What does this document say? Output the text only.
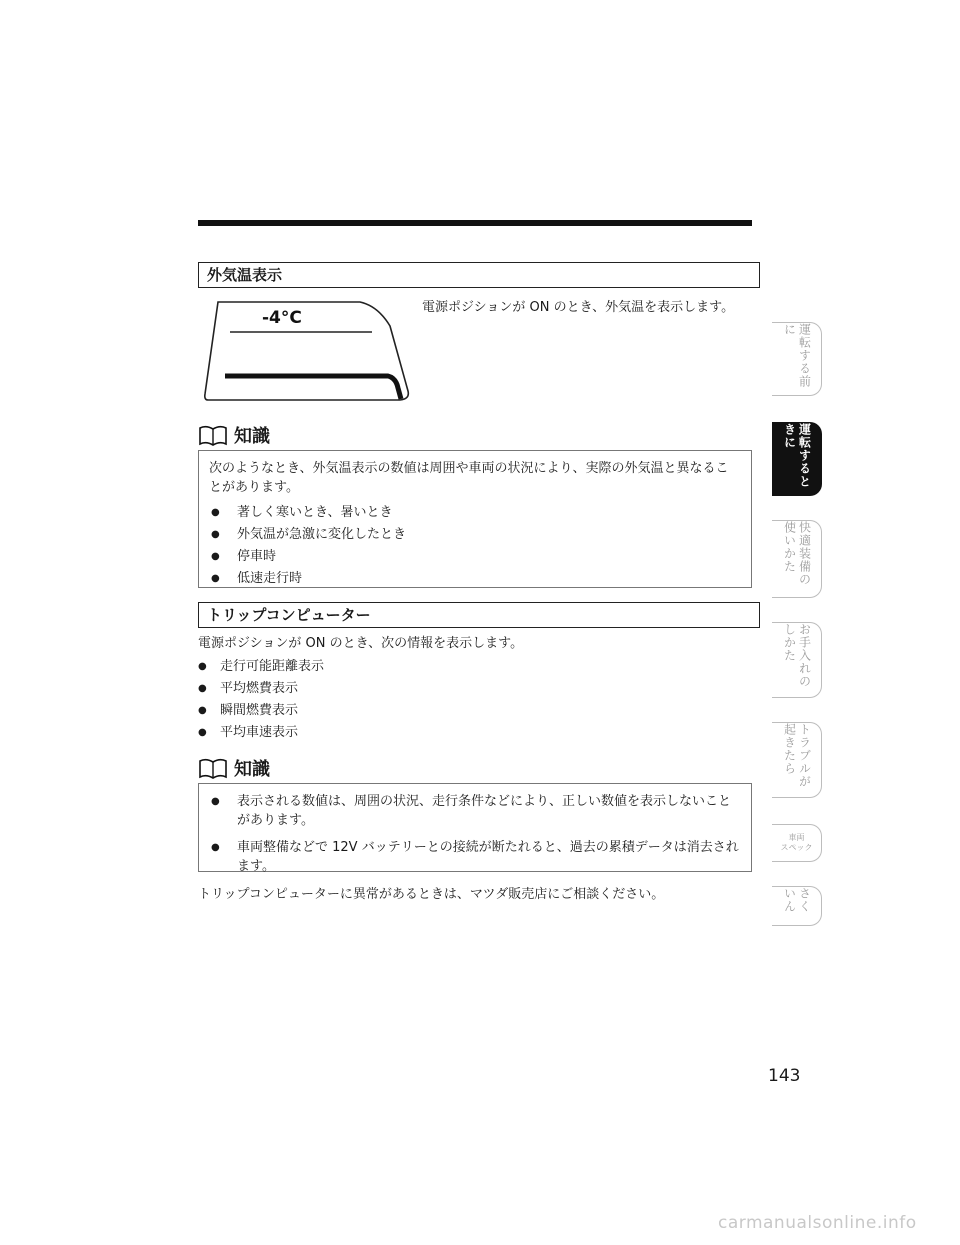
外気温表示
-4°C
電源ポジションが ON のとき、外気温を表示します。
知識

次のようなとき、外気温表示の数値は周囲や車両の状況により、実際の外気温と異なることがあります。

● 著しく寒いとき、暑いとき
● 外気温が急激に変化したとき
● 停車時
● 低速走行時
トリップコンピューター

電源ポジションが ON のとき、次の情報を表示します。

● 走行可能距離表示
● 平均燃費表示
● 瞬間燃費表示
● 平均車速表示
知識
● 表示される数値は、周囲の状況、走行条件などにより、正しい数値を表示しないことがあります。
● 車両整備などで 12V バッテリーとの接続が断たれると、過去の累積データは消去されます。
トリップコンピューターに異常があるときは、マツダ販売店にご相談ください。
運転する前に
運転するときに
快適装備の使いかた
お手入れのしかた
トラブルが起きたら
車両
スペック
さくいん
143
carmanualsonline.info
